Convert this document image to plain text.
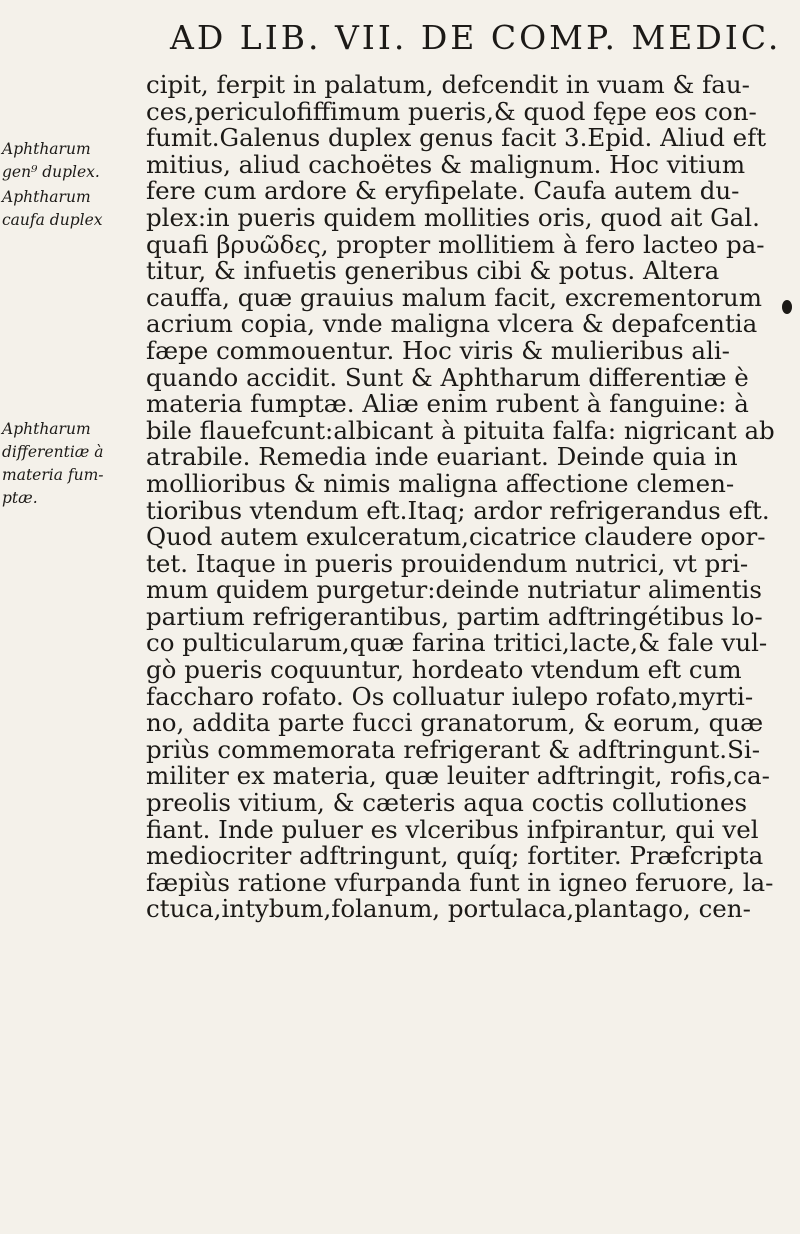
AD LIB. VII. DE COMP. MEDIC.
cipit, ferpit in palatum, defcendit in vuam & fau-
ces,periculofiffimum pueris,& quod fępe eos con-
fumit.Galenus duplex genus facit 3.Epid. Aliud eft
mitius, aliud cachoëtes & malignum. Hoc vitium
fere cum ardore & eryfipelate. Caufa autem du-
plex:in pueris quidem mollities oris, quod ait Gal.
quafi βρυῶδες, propter mollitiem à fero lacteo pa-
titur, & infuetis generibus cibi & potus. Altera
cauffa, quæ grauius malum facit, excrementorum
acrium copia, vnde maligna vlcera & depafcentia
fæpe commouentur. Hoc viris & mulieribus ali-
quando accidit. Sunt & Aphtharum differentiæ è
materia fumptæ. Aliæ enim rubent à fanguine: à
bile flauefcunt:albicant à pituita falfa: nigricant ab
atrabile. Remedia inde euariant. Deinde quia in
mollioribus & nimis maligna affectione clemen-
tioribus vtendum eft.Itaq; ardor refrigerandus eft.
Quod autem exulceratum,cicatrice claudere opor-
tet. Itaque in pueris prouidendum nutrici, vt pri-
mum quidem purgetur:deinde nutriatur alimentis
partium refrigerantibus, partim adftringétibus lo-
co pulticularum,quæ farina tritici,lacte,& fale vul-
gò pueris coquuntur, hordeato vtendum eft cum
faccharo rofato. Os colluatur iulepo rofato,myrti-
no, addita parte fucci granatorum, & eorum, quæ
priùs commemorata refrigerant & adftringunt.Si-
militer ex materia, quæ leuiter adftringit, rofis,ca-
preolis vitium, & cæteris aqua coctis collutiones
fiant. Inde puluer es vlceribus infpirantur, qui vel
mediocriter adftringunt, quíq; fortiter. Præfcripta
fæpiùs ratione vfurpanda funt in igneo feruore, la-
ctuca,intybum,folanum, portulaca,plantago, cen-
Aphtharum
gen⁹ duplex.
Aphtharum
caufa duplex
Aphtharum
differentiæ à
materia fum-
ptæ.
